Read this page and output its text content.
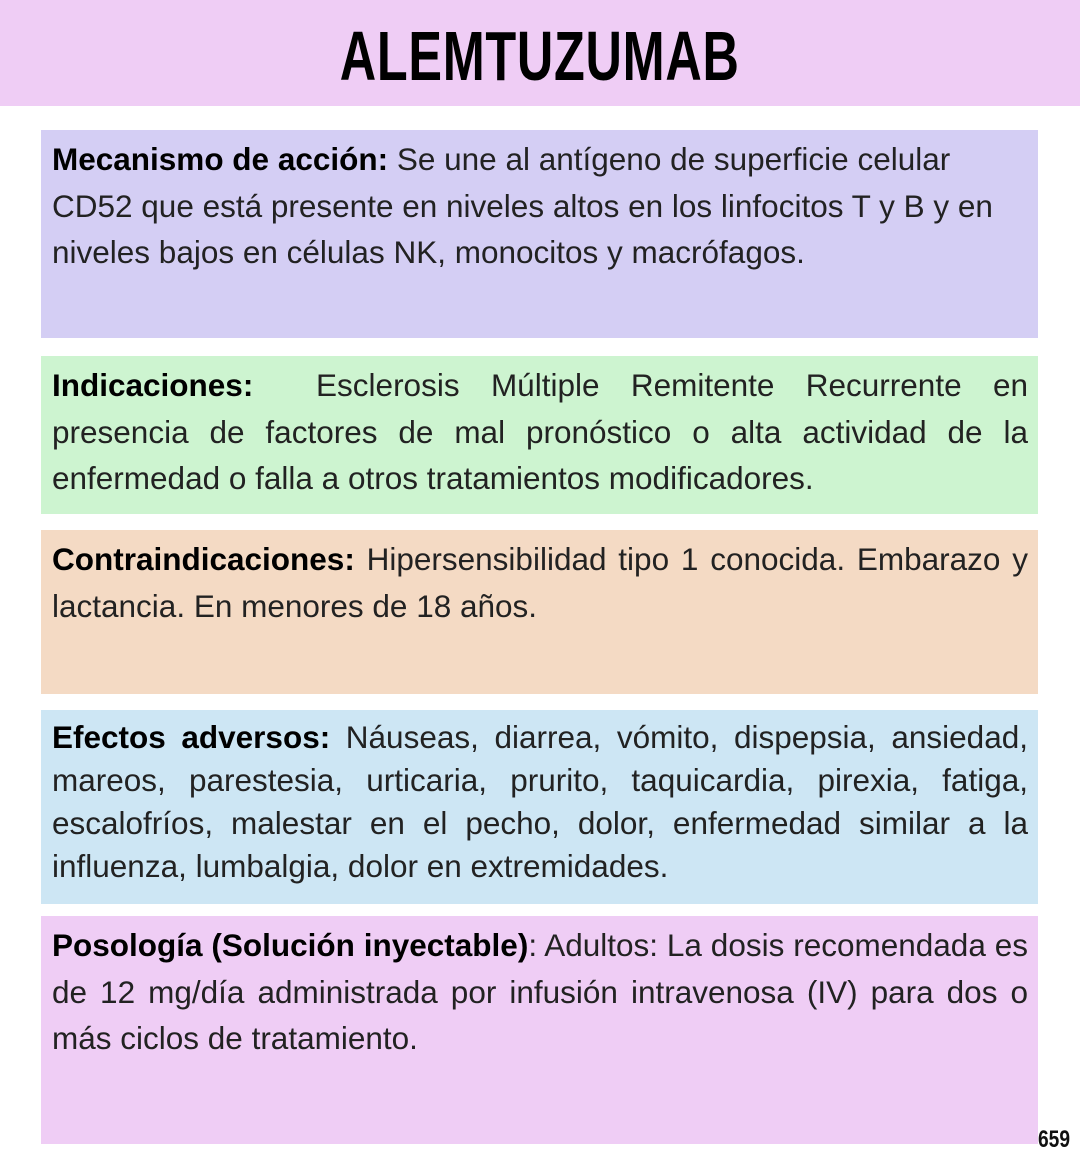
ALEMTUZUMAB
Mecanismo de acción: Se une al antígeno de superficie celular CD52 que está presente en niveles altos en los linfocitos T y B y en niveles bajos en células NK, monocitos y macrófagos.
Indicaciones:  Esclerosis Múltiple Remitente Recurrente en presencia de factores de mal pronóstico o alta actividad de la enfermedad o falla a otros tratamientos modificadores.
Contraindicaciones: Hipersensibilidad tipo 1 conocida. Embarazo y lactancia. En menores de 18 años.
Efectos adversos: Náuseas, diarrea, vómito, dispepsia, ansiedad, mareos, parestesia, urticaria, prurito, taquicardia, pirexia, fatiga, escalofríos, malestar en el pecho, dolor, enfermedad similar a la influenza, lumbalgia, dolor en extremidades.
Posología (Solución inyectable): Adultos: La dosis recomendada es de 12 mg/día administrada por infusión intravenosa (IV) para dos o más ciclos de tratamiento.
659
